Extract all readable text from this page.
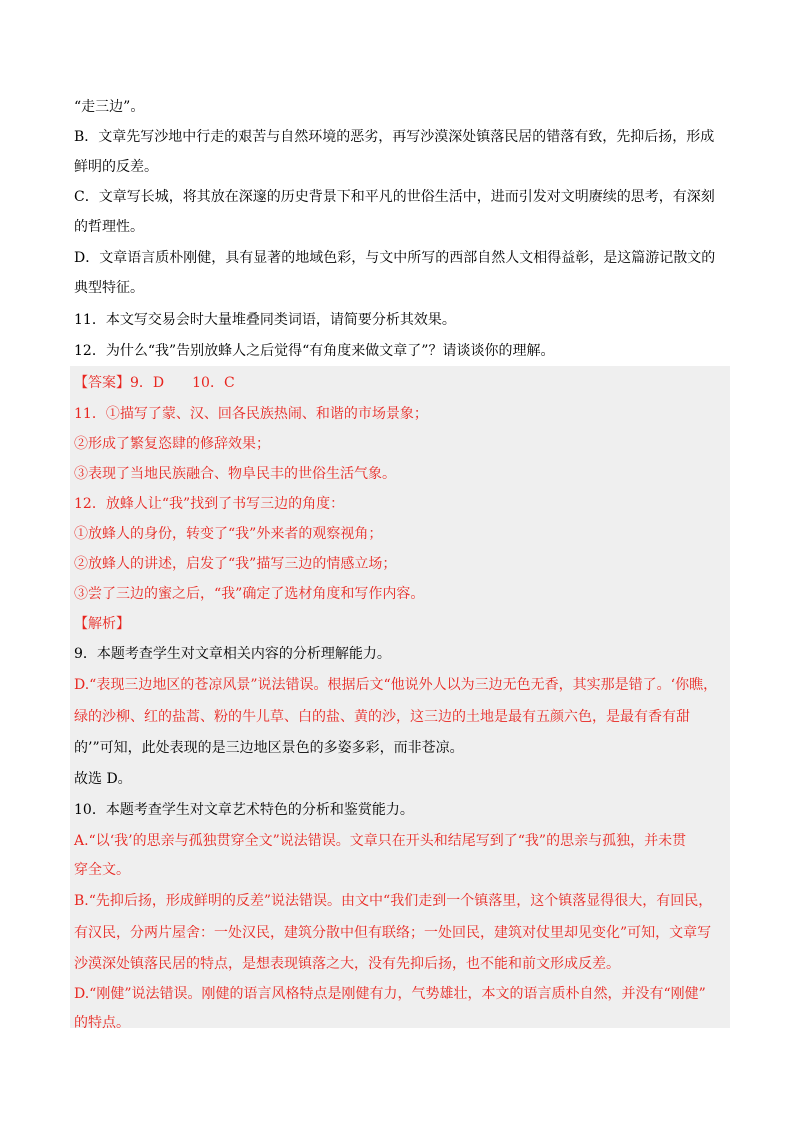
“走三边”。

B．文章先写沙地中行走的艰苦与自然环境的恶劣，再写沙漠深处镇落民居的错落有致，先抑后扬，形成

鲜明的反差。

C．文章写长城，将其放在深邃的历史背景下和平凡的世俗生活中，进而引发对文明赓续的思考，有深刻

的哲理性。

D．文章语言质朴刚健，具有显著的地域色彩，与文中所写的西部自然人文相得益彰，是这篇游记散文的

典型特征。

11．本文写交易会时大量堆叠同类词语，请简要分析其效果。

12．为什么“我”告别放蜂人之后觉得“有角度来做文章了”？请谈谈你的理解。

【答案】9．D　　10．C

11．①描写了蒙、汉、回各民族热闹、和谐的市场景象；

②形成了繁复恣肆的修辞效果；

③表现了当地民族融合、物阜民丰的世俗生活气象。

12．放蜂人让“我”找到了书写三边的角度：

①放蜂人的身份，转变了“我”外来者的观察视角；

②放蜂人的讲述，启发了“我”描写三边的情感立场；

③尝了三边的蜜之后，“我”确定了选材角度和写作内容。

【解析】

9．本题考查学生对文章相关内容的分析理解能力。

D.“表现三边地区的苍凉风景”说法错误。根据后文“他说外人以为三边无色无香，其实那是错了。‘你瞧，

绿的沙柳、红的盐蒿、粉的牛儿草、白的盐、黄的沙，这三边的土地是最有五颜六色，是最有香有甜

的’”可知，此处表现的是三边地区景色的多姿多彩，而非苍凉。

故选 D。

10．本题考查学生对文章艺术特色的分析和鉴赏能力。

A.“以‘我’的思亲与孤独贯穿全文”说法错误。文章只在开头和结尾写到了“我”的思亲与孤独，并未贯

穿全文。

B.“先抑后扬，形成鲜明的反差”说法错误。由文中“我们走到一个镇落里，这个镇落显得很大，有回民，

有汉民，分两片屋舍：一处汉民，建筑分散中但有联络；一处回民，建筑对仗里却见变化”可知，文章写

沙漠深处镇落民居的特点，是想表现镇落之大，没有先抑后扬，也不能和前文形成反差。

D.“刚健”说法错误。刚健的语言风格特点是刚健有力，气势雄壮，本文的语言质朴自然，并没有“刚健”

的特点。
